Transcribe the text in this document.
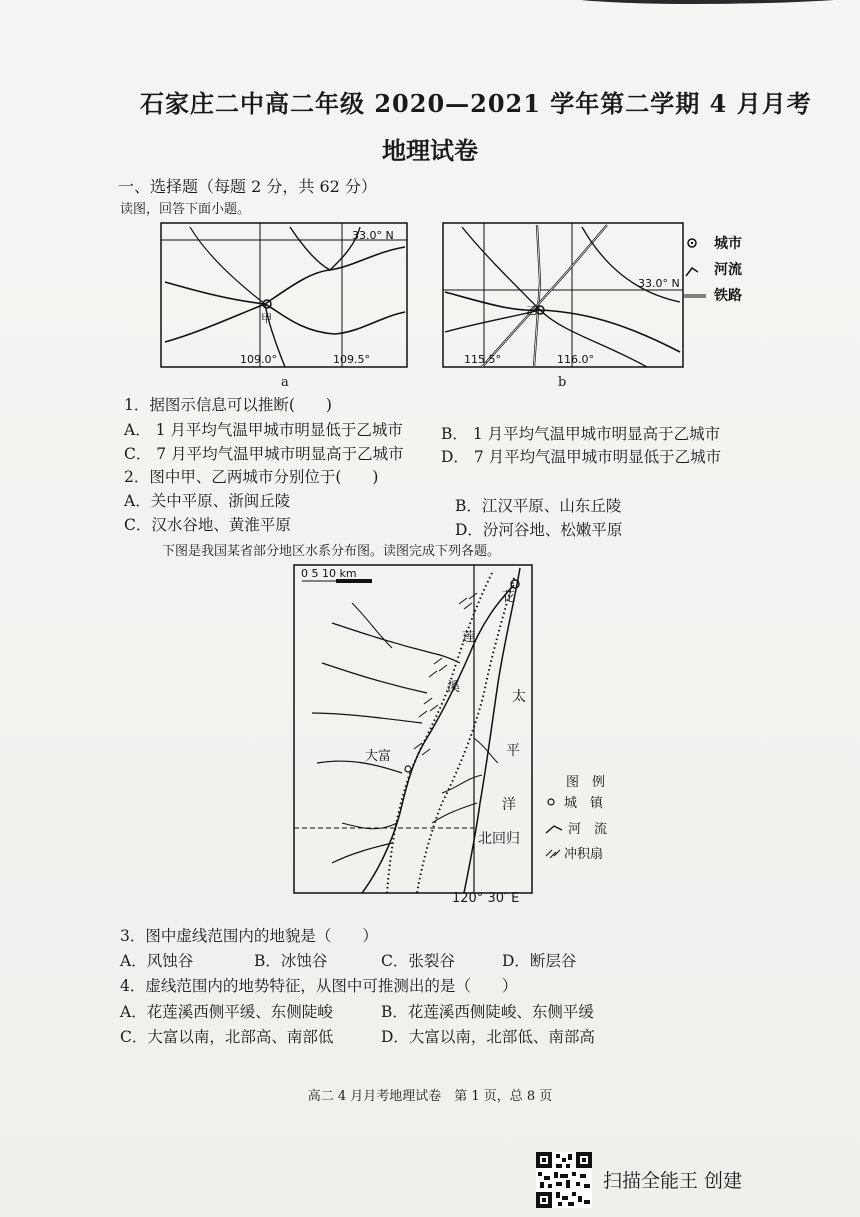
石家庄二中高二年级 2020—2021 学年第二学期 4 月月考
地理试卷
一、选择题（每题 2 分，共 62 分）
读图，回答下面小题。
甲
33.0° N
109.0°	109.5°
a
乙
33.0° N
115.5°	116.0°
b
城市
河流
铁路
1．据图示信息可以推断(　　)
A． 1 月平均气温甲城市明显低于乙城市 B． 1 月平均气温甲城市明显高于乙城市
C． 7 月平均气温甲城市明显高于乙城市 D． 7 月平均气温甲城市明显低于乙城市
2．图中甲、乙两城市分别位于(　　)
A．关中平原、浙闽丘陵	B．江汉平原、山东丘陵
C．汉水谷地、黄淮平原	D．汾河谷地、松嫩平原
下图是我国某省部分地区水系分布图。读图完成下列各题。
0 5 10 km
花
莲
溪
大富
太
平
洋
北回归
120° 30′ E
图　例
城　镇
河　流
冲积扇
3．图中虚线范围内的地貌是（　　）
A．风蚀谷	B．冰蚀谷	C．张裂谷	D．断层谷
4．虚线范围内的地势特征，从图中可推测出的是（　　）
A．花莲溪西侧平缓、东侧陡峻	B．花莲溪西侧陡峻、东侧平缓
C．大富以南，北部高、南部低	D．大富以南，北部低、南部高
高二 4 月月考地理试卷　第 1 页，总 8 页
扫描全能王 创建
